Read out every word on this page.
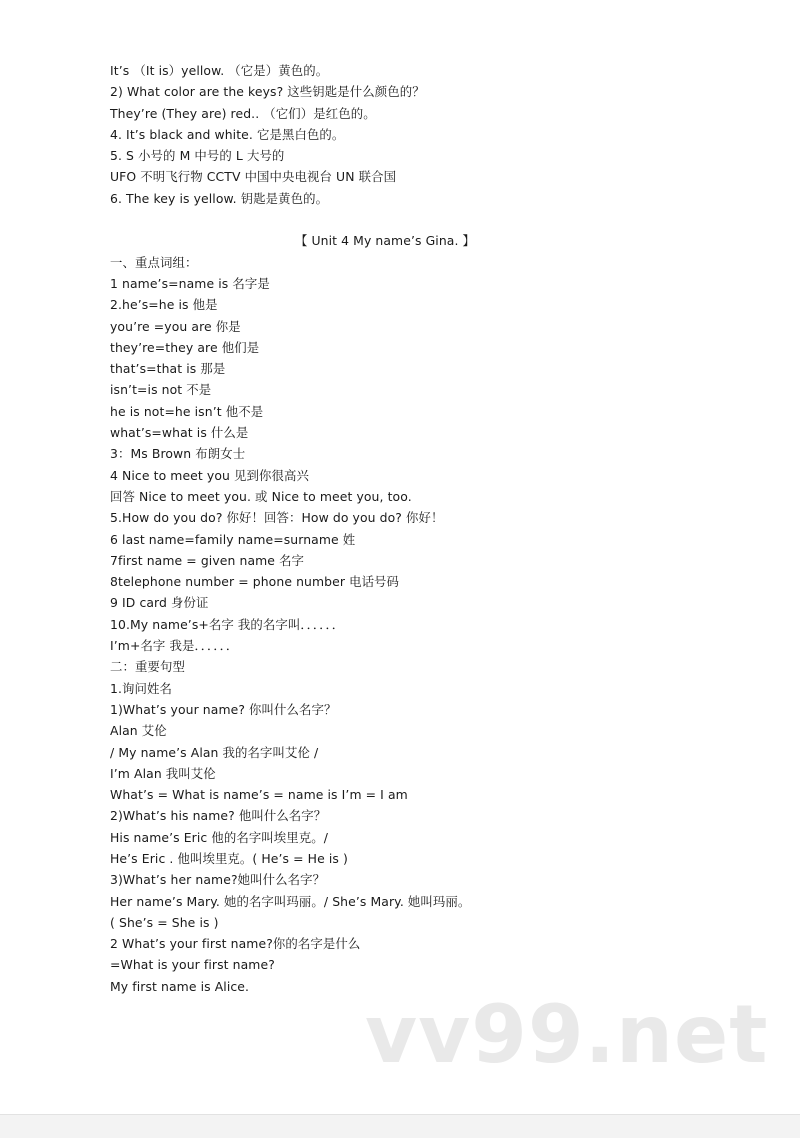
It’s （It is）yellow. （它是）黄色的。
2) What color are the keys? 这些钥匙是什么颜色的？
They’re (They are) red.. （它们）是红色的。
4. It’s black and white. 它是黑白色的。
5. S 小号的 M 中号的 L 大号的
UFO 不明飞行物 CCTV 中国中央电视台 UN 联合国
6. The key is yellow. 钥匙是黄色的。
【 Unit 4 My name’s Gina. 】
一、重点词组：
1 name’s=name is 名字是
2.he’s=he is 他是
you’re =you are 你是
they’re=they are 他们是
that’s=that is 那是
isn’t=is not 不是
he is not=he isn’t 他不是
what’s=what is 什么是
3：Ms Brown 布朗女士
4 Nice to meet you 见到你很高兴
回答 Nice to meet you. 或 Nice to meet you, too.
5.How do you do? 你好！回答：How do you do? 你好！
6 last name=family name=surname 姓
7first name = given name 名字
8telephone number = phone number 电话号码
9 ID card 身份证
10.My name’s+名字 我的名字叫．．．．．．
I’m+名字 我是．．．．．．
二：重要句型
1.询问姓名
1)What’s your name? 你叫什么名字？
Alan 艾伦
/ My name’s Alan 我的名字叫艾伦 /
I’m Alan 我叫艾伦
What’s = What is name’s = name is I’m = I am
2)What’s his name? 他叫什么名字？
His name’s Eric 他的名字叫埃里克。/
He’s Eric . 他叫埃里克。( He’s = He is )
3)What’s her name?她叫什么名字？
Her name’s Mary. 她的名字叫玛丽。/ She’s Mary. 她叫玛丽。
( She’s = She is )
2 What’s your first name?你的名字是什么
=What is your first name?
My first name is Alice.
vv99.net
